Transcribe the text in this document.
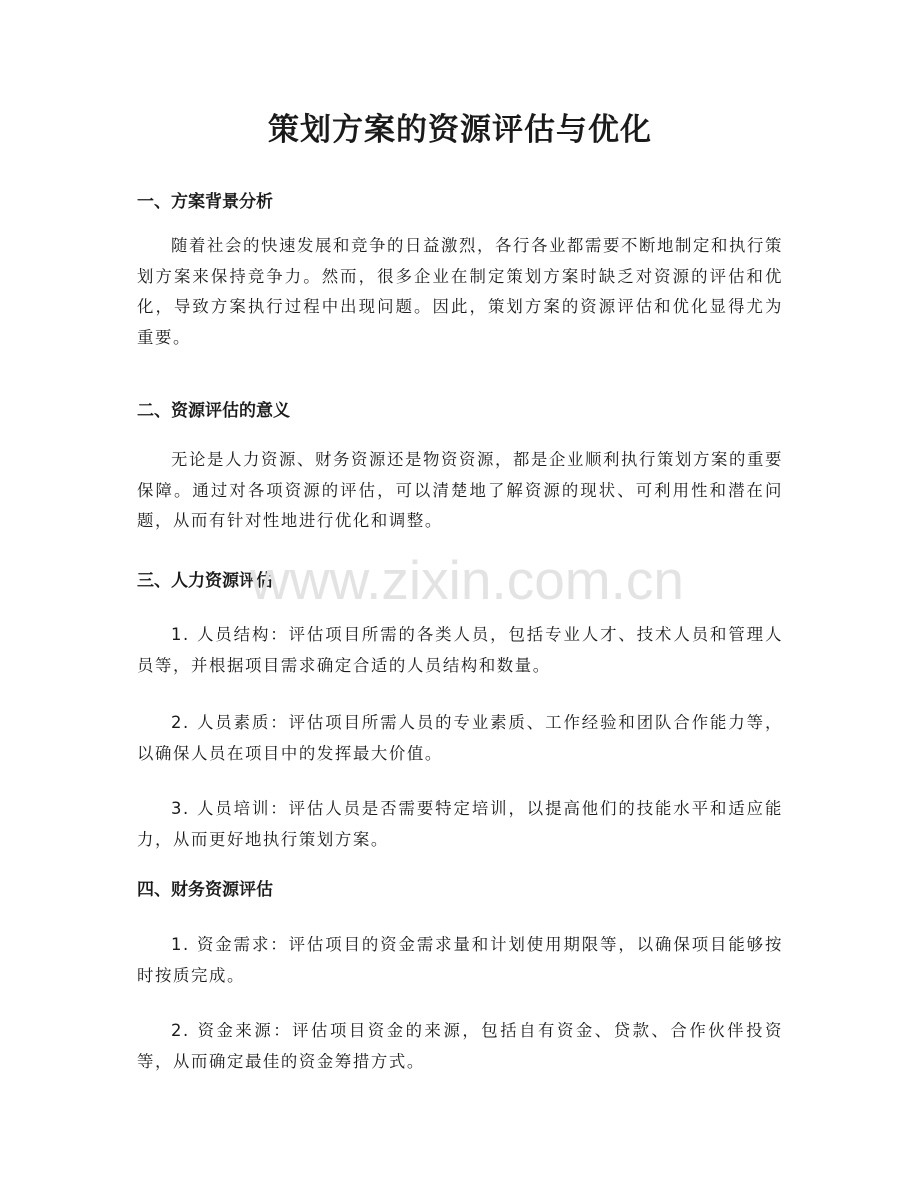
策划方案的资源评估与优化
一、方案背景分析

随着社会的快速发展和竞争的日益激烈，各行各业都需要不断地制定和执行策划方案来保持竞争力。然而，很多企业在制定策划方案时缺乏对资源的评估和优化，导致方案执行过程中出现问题。因此，策划方案的资源评估和优化显得尤为重要。

二、资源评估的意义

无论是人力资源、财务资源还是物资资源，都是企业顺利执行策划方案的重要保障。通过对各项资源的评估，可以清楚地了解资源的现状、可利用性和潜在问题，从而有针对性地进行优化和调整。

三、人力资源评估

1. 人员结构：评估项目所需的各类人员，包括专业人才、技术人员和管理人员等，并根据项目需求确定合适的人员结构和数量。

2. 人员素质：评估项目所需人员的专业素质、工作经验和团队合作能力等，以确保人员在项目中的发挥最大价值。

3. 人员培训：评估人员是否需要特定培训，以提高他们的技能水平和适应能力，从而更好地执行策划方案。

四、财务资源评估

1. 资金需求：评估项目的资金需求量和计划使用期限等，以确保项目能够按时按质完成。

2. 资金来源：评估项目资金的来源，包括自有资金、贷款、合作伙伴投资等，从而确定最佳的资金筹措方式。

www.zixin.com.cn
